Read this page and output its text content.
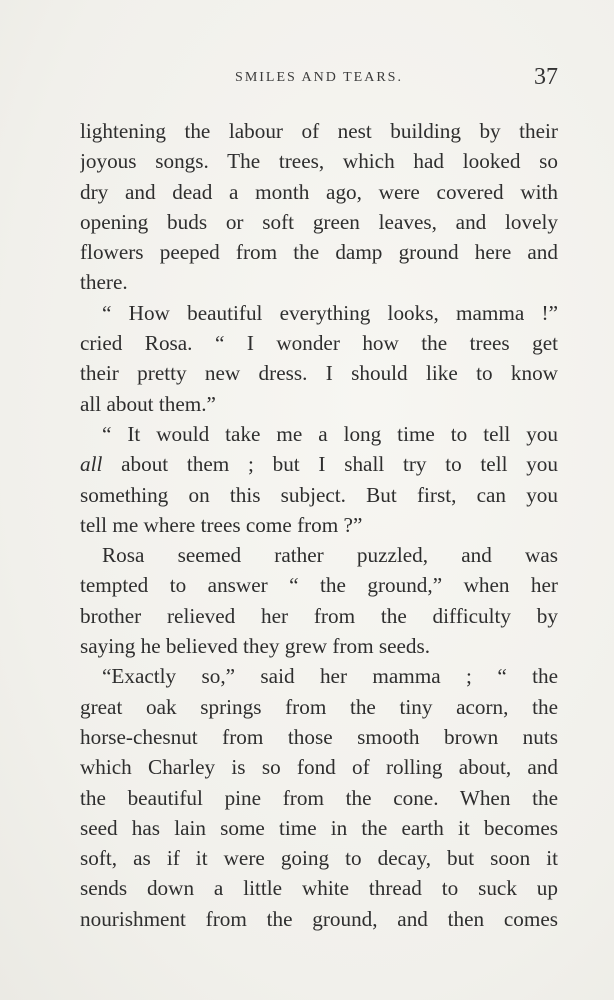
SMILES AND TEARS.	37
lightening the labour of nest building by their
joyous songs. The trees, which had looked so
dry and dead a month ago, were covered with
opening buds or soft green leaves, and lovely
flowers peeped from the damp ground here and
there.
“ How beautiful everything looks, mamma !”
cried Rosa. “ I wonder how the trees get
their pretty new dress. I should like to know
all about them.”
“ It would take me a long time to tell you
all about them ; but I shall try to tell you
something on this subject. But first, can you
tell me where trees come from ?”
Rosa seemed rather puzzled, and was
tempted to answer “ the ground,” when her
brother relieved her from the difficulty by
saying he believed they grew from seeds.
“Exactly so,” said her mamma ; “ the
great oak springs from the tiny acorn, the
horse-chesnut from those smooth brown nuts
which Charley is so fond of rolling about, and
the beautiful pine from the cone. When the
seed has lain some time in the earth it becomes
soft, as if it were going to decay, but soon it
sends down a little white thread to suck up
nourishment from the ground, and then comes
